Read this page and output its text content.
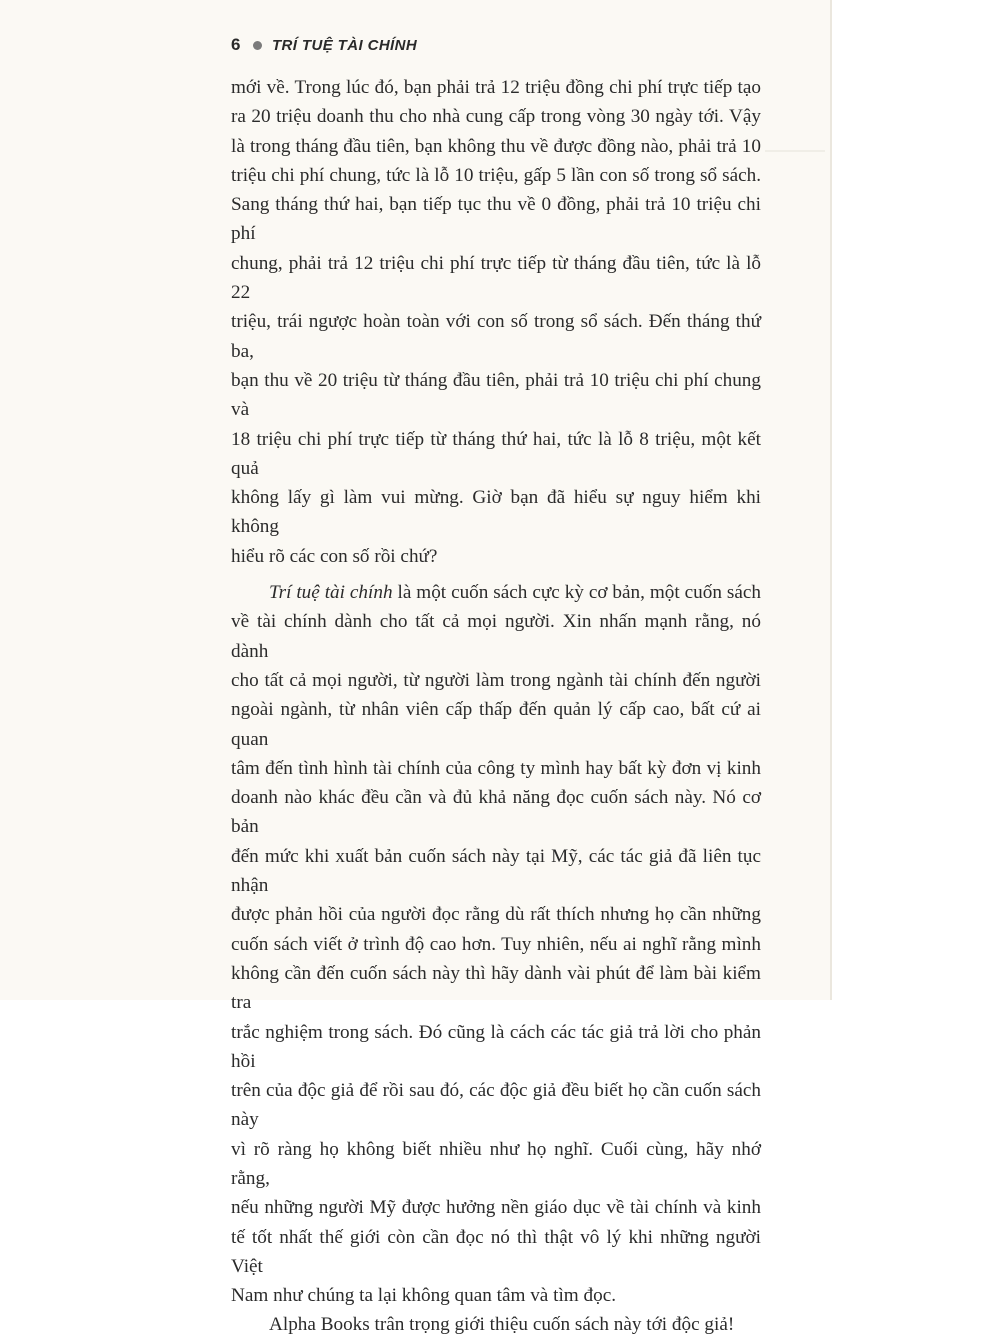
6 TRÍ TUỆ TÀI CHÍNH

mới về. Trong lúc đó, bạn phải trả 12 triệu đồng chi phí trực tiếp tạo

ra 20 triệu doanh thu cho nhà cung cấp trong vòng 30 ngày tới. Vậy

là trong tháng đầu tiên, bạn không thu về được đồng nào, phải trả 10

triệu chi phí chung, tức là lỗ 10 triệu, gấp 5 lần con số trong sổ sách.

Sang tháng thứ hai, bạn tiếp tục thu về 0 đồng, phải trả 10 triệu chi phí

chung, phải trả 12 triệu chi phí trực tiếp từ tháng đầu tiên, tức là lỗ 22

triệu, trái ngược hoàn toàn với con số trong sổ sách. Đến tháng thứ ba,

bạn thu về 20 triệu từ tháng đầu tiên, phải trả 10 triệu chi phí chung và

18 triệu chi phí trực tiếp từ tháng thứ hai, tức là lỗ 8 triệu, một kết quả

không lấy gì làm vui mừng. Giờ bạn đã hiểu sự nguy hiểm khi không

hiểu rõ các con số rồi chứ?

Trí tuệ tài chính là một cuốn sách cực kỳ cơ bản, một cuốn sách

về tài chính dành cho tất cả mọi người. Xin nhấn mạnh rằng, nó dành

cho tất cả mọi người, từ người làm trong ngành tài chính đến người

ngoài ngành, từ nhân viên cấp thấp đến quản lý cấp cao, bất cứ ai quan

tâm đến tình hình tài chính của công ty mình hay bất kỳ đơn vị kinh

doanh nào khác đều cần và đủ khả năng đọc cuốn sách này. Nó cơ bản

đến mức khi xuất bản cuốn sách này tại Mỹ, các tác giả đã liên tục nhận

được phản hồi của người đọc rằng dù rất thích nhưng họ cần những

cuốn sách viết ở trình độ cao hơn. Tuy nhiên, nếu ai nghĩ rằng mình

không cần đến cuốn sách này thì hãy dành vài phút để làm bài kiểm tra

trắc nghiệm trong sách. Đó cũng là cách các tác giả trả lời cho phản hồi

trên của độc giả để rồi sau đó, các độc giả đều biết họ cần cuốn sách này

vì rõ ràng họ không biết nhiều như họ nghĩ. Cuối cùng, hãy nhớ rằng,

nếu những người Mỹ được hưởng nền giáo dục về tài chính và kinh

tế tốt nhất thế giới còn cần đọc nó thì thật vô lý khi những người Việt

Nam như chúng ta lại không quan tâm và tìm đọc.

Alpha Books trân trọng giới thiệu cuốn sách này tới độc giả!
